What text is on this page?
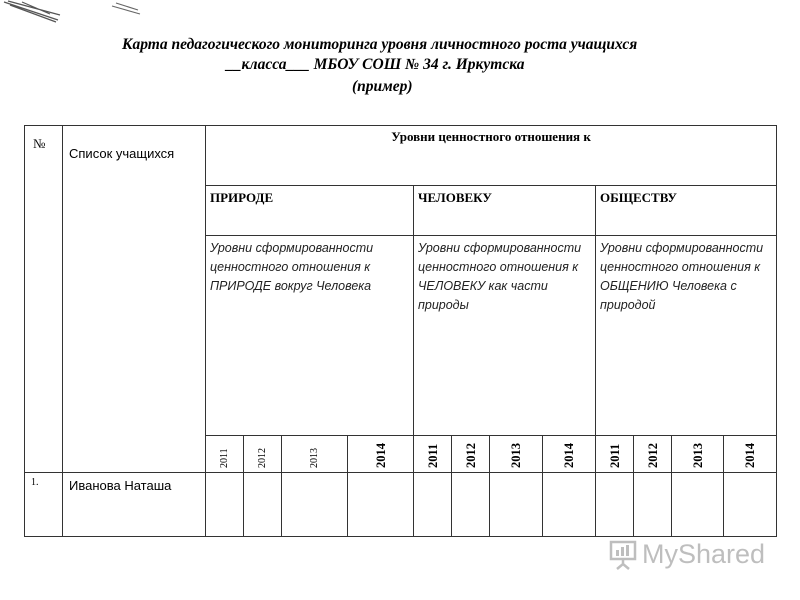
Карта педагогического мониторинга уровня личностного роста учащихся
__класса___ МБОУ СОШ № 34 г. Иркутска
(пример)
№	Список учащихся	Уровни ценностного отношения к											
		ПРИРОДЕ				ЧЕЛОВЕКУ				ОБЩЕСТВУ			
		Уровни сформированности ценностного отношения к ПРИРОДЕ вокруг Человека				Уровни сформированности ценностного отношения к ЧЕЛОВЕКУ как части природы				Уровни сформированности ценностного отношения к ОБЩЕНИЮ Человека с природой			

		2011	2012	2013	2014	2011	2012	2013	2014	2011	2012	2013	2014

1.	Иванова Наташа												
MyShared
